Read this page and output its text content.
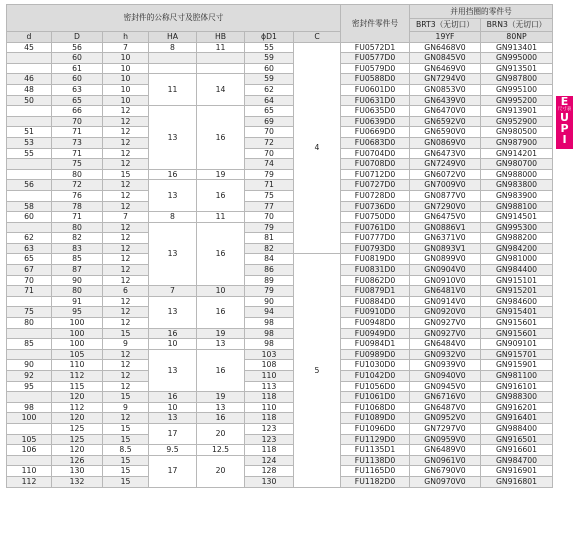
密封件的公称尺寸及腔体尺寸							密封件零件号	并用挡圈的零件号	
								BRT3（无切口）	BRN3（无切口）
d	D	h	HA	HB	ϕD1	C		19YF	80NP
45	56	7	8	11	55	4	FU0572D1	GN6468V0	GN913401
	60	10			59		FU0577D0	GN0845V0	GN995000
	61	10			60		FU0579D0	GN6469V0	GN913501
46	60	10	11	14	59		FU0588D0	GN7294V0	GN987800
48	63	10			62		FU0601D0	GN0853V0	GN995100
50	65	10			64		FU0631D0	GN6439V0	GN995200
	66	12	13	16	65		FU0635D0	GN6470V0	GN913901
	70	12			69		FU0639D0	GN6592V0	GN952900
51	71	12			70		FU0669D0	GN6590V0	GN980500
53	73	12			72		FU0683D0	GN0869V0	GN987900
55	71	12			70		FU0704D0	GN6473V0	GN914201
	75	12			74		FU0708D0	GN7249V0	GN980700
	80	15	16	19	79		FU0712D0	GN6072V0	GN988000
56	72	12	13	16	71		FU0727D0	GN7009V0	GN983800
	76	12			75		FU0728D0	GN0877V0	GN983900
58	78	12			77		FU0736D0	GN7290V0	GN988100
60	71	7	8	11	70		FU0750D0	GN6475V0	GN914501
	80	12	13	16	79		FU0761D0	GN0886V1	GN995300
62	82	12			81		FU0777D0	GN6371V0	GN988200
63	83	12			82		FU0793D0	GN0893V1	GN984200
65	85	12			84	5	FU0819D0	GN0899V0	GN981000
67	87	12			86		FU0831D0	GN0904V0	GN984400
70	90	12			89		FU0862D0	GN0910V0	GN915101
71	80	6	7	10	79		FU0879D1	GN6481V0	GN915201
	91	12	13	16	90		FU0884D0	GN0914V0	GN984600
75	95	12			94		FU0910D0	GN0920V0	GN915401
80	100	12			98		FU0948D0	GN0927V0	GN915601
	100	15	16	19	98		FU0949D0	GN0927V0	GN915601
85	100	9	10	13	98		FU0984D1	GN6484V0	GN909101
	105	12	13	16	103		FU0989D0	GN0932V0	GN915701
90	110	12			108		FU1030D0	GN0939V0	GN915901
92	112	12			110		FU1042D0	GN0940V0	GN981100
95	115	12			113		FU1056D0	GN0945V0	GN916101
	120	15	16	19	118		FU1061D0	GN6716V0	GN988300
98	112	9	10	13	110		FU1068D0	GN6487V0	GN916201
100	120	12	13	16	118		FU1089D0	GN0952V0	GN916401
	125	15	17	20	123		FU1096D0	GN7297V0	GN988400
105	125	15			123		FU1129D0	GN0959V0	GN916501
106	120	8.5	9.5	12.5	118		FU1135D1	GN6489V0	GN916601
	126	15	17	20	124		FU1138D0	GN0961V0	GN984700
110	130	15			128		FU1165D0	GN6790V0	GN916901
112	132	15			130		FU1182D0	GN0970V0	GN916801
E
尺寸表
U
P
I
